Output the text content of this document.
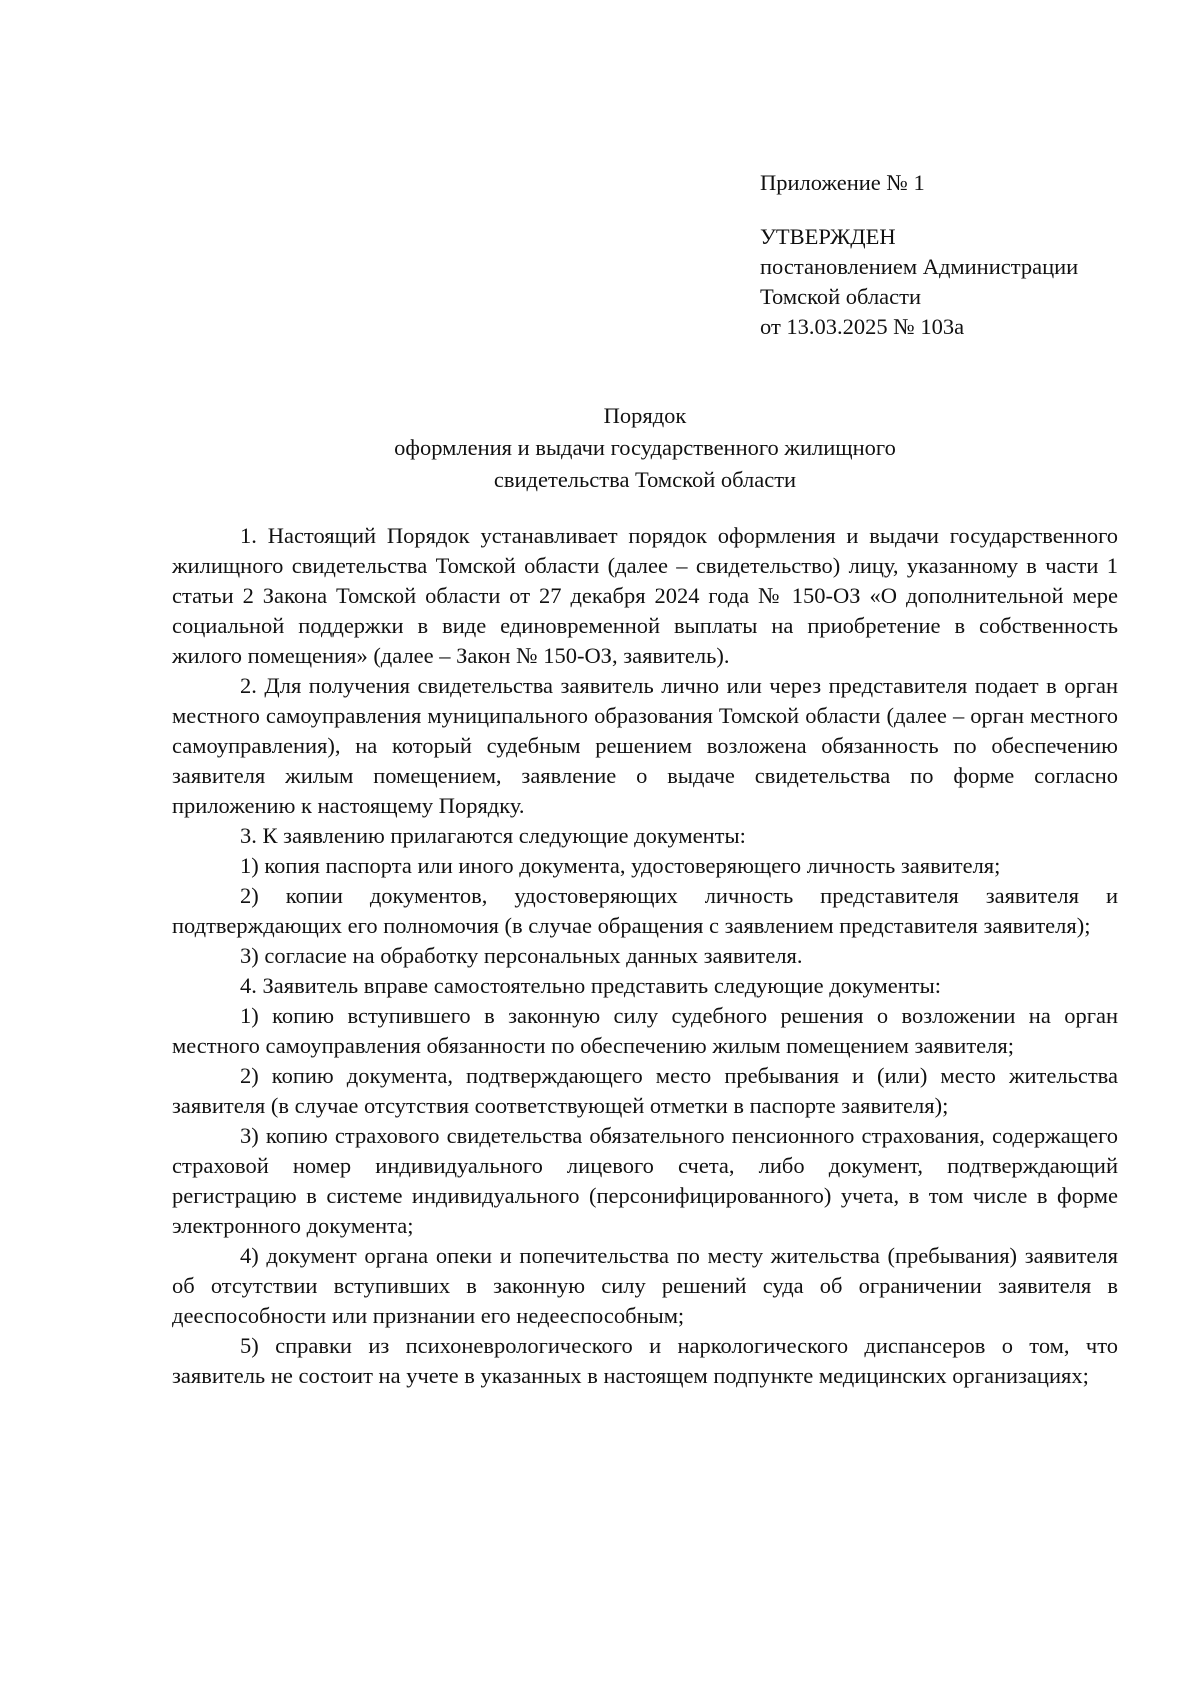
Приложение № 1
УТВЕРЖДЕН
постановлением Администрации
Томской области
от 13.03.2025 № 103а
Порядок
оформления и выдачи государственного жилищного
свидетельства Томской области

1. Настоящий Порядок устанавливает порядок оформления и выдачи государственного жилищного свидетельства Томской области (далее – свидетельство) лицу, указанному в части 1 статьи 2 Закона Томской области от 27 декабря 2024 года № 150-ОЗ «О дополнительной мере социальной поддержки в виде единовременной выплаты на приобретение в собственность жилого помещения» (далее – Закон № 150-ОЗ, заявитель).

2. Для получения свидетельства заявитель лично или через представителя подает в орган местного самоуправления муниципального образования Томской области (далее – орган местного самоуправления), на который судебным решением возложена обязанность по обеспечению заявителя жилым помещением, заявление о выдаче свидетельства по форме согласно приложению к настоящему Порядку.

3. К заявлению прилагаются следующие документы:

1) копия паспорта или иного документа, удостоверяющего личность заявителя;

2) копии документов, удостоверяющих личность представителя заявителя и подтверждающих его полномочия (в случае обращения с заявлением представителя заявителя);

3) согласие на обработку персональных данных заявителя.

4. Заявитель вправе самостоятельно представить следующие документы:

1) копию вступившего в законную силу судебного решения о возложении на орган местного самоуправления обязанности по обеспечению жилым помещением заявителя;

2) копию документа, подтверждающего место пребывания и (или) место жительства заявителя (в случае отсутствия соответствующей отметки в паспорте заявителя);

3) копию страхового свидетельства обязательного пенсионного страхования, содержащего страховой номер индивидуального лицевого счета, либо документ, подтверждающий регистрацию в системе индивидуального (персонифицированного) учета, в том числе в форме электронного документа;

4) документ органа опеки и попечительства по месту жительства (пребывания) заявителя об отсутствии вступивших в законную силу решений суда об ограничении заявителя в дееспособности или признании его недееспособным;

5) справки из психоневрологического и наркологического диспансеров о том, что заявитель не состоит на учете в указанных в настоящем подпункте медицинских организациях;
